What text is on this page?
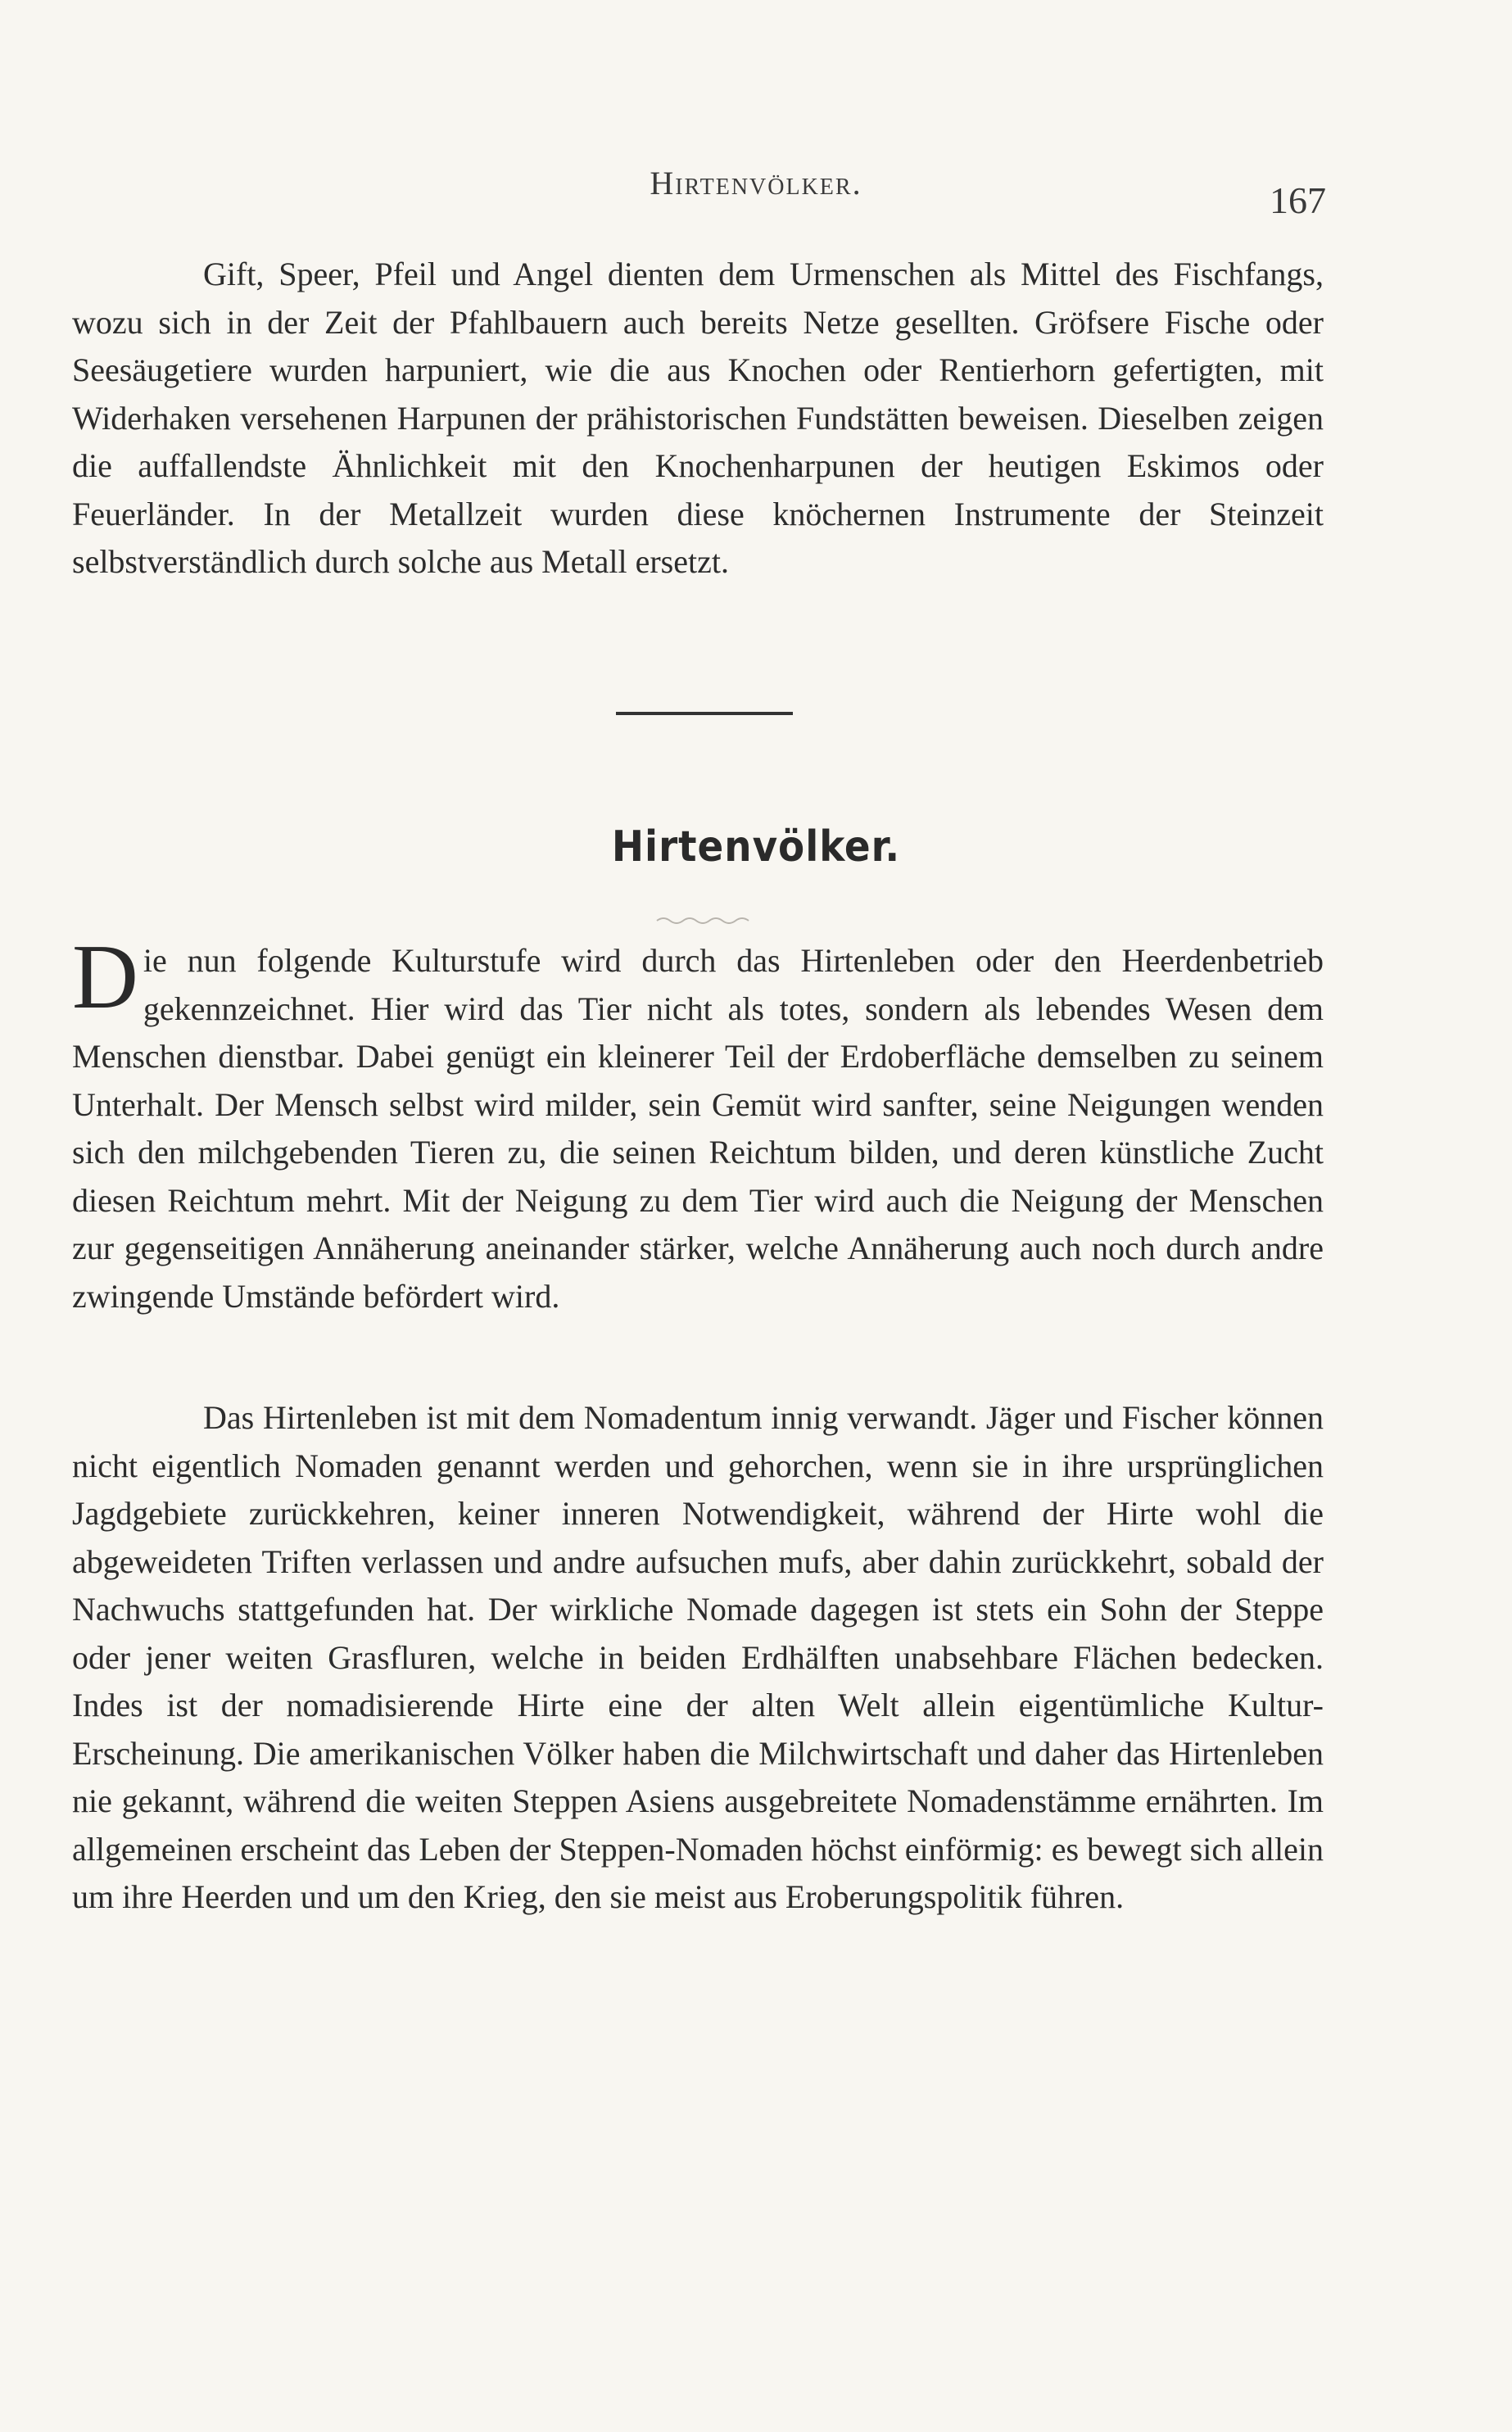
Hirtenvölker.	167

Gift, Speer, Pfeil und Angel dienten dem Urmenschen als Mittel des Fischfangs, wozu sich in der Zeit der Pfahlbauern auch bereits Netze gesellten. Gröfsere Fische oder Seesäugetiere wurden harpuniert, wie die aus Knochen oder Rentierhorn gefertigten, mit Widerhaken versehenen Harpunen der prähistorischen Fundstätten beweisen. Dieselben zeigen die auffallendste Ähnlichkeit mit den Knochenharpunen der heutigen Eskimos oder Feuerländer. In der Metallzeit wurden diese knöchernen Instrumente der Steinzeit selbstverständlich durch solche aus Metall ersetzt.

Hirtenvölker.

Die nun folgende Kulturstufe wird durch das Hirtenleben oder den Heerdenbetrieb gekennzeichnet. Hier wird das Tier nicht als totes, sondern als lebendes Wesen dem Menschen dienstbar. Dabei genügt ein kleinerer Teil der Erdoberfläche demselben zu seinem Unterhalt. Der Mensch selbst wird milder, sein Gemüt wird sanfter, seine Neigungen wenden sich den milchgebenden Tieren zu, die seinen Reichtum bilden, und deren künstliche Zucht diesen Reichtum mehrt. Mit der Neigung zu dem Tier wird auch die Neigung der Menschen zur gegenseitigen Annäherung aneinander stärker, welche Annäherung auch noch durch andre zwingende Umstände befördert wird.

Das Hirtenleben ist mit dem Nomadentum innig verwandt. Jäger und Fischer können nicht eigentlich Nomaden genannt werden und gehorchen, wenn sie in ihre ursprünglichen Jagdgebiete zurückkehren, keiner inneren Notwendigkeit, während der Hirte wohl die abgeweideten Triften verlassen und andre aufsuchen mufs, aber dahin zurückkehrt, sobald der Nachwuchs stattgefunden hat. Der wirkliche Nomade dagegen ist stets ein Sohn der Steppe oder jener weiten Grasfluren, welche in beiden Erdhälften unabsehbare Flächen bedecken. Indes ist der nomadisierende Hirte eine der alten Welt allein eigentümliche Kultur-Erscheinung. Die amerikanischen Völker haben die Milchwirtschaft und daher das Hirtenleben nie gekannt, während die weiten Steppen Asiens ausgebreitete Nomadenstämme ernährten. Im allgemeinen erscheint das Leben der Steppen-Nomaden höchst einförmig: es bewegt sich allein um ihre Heerden und um den Krieg, den sie meist aus Eroberungspolitik führen.
